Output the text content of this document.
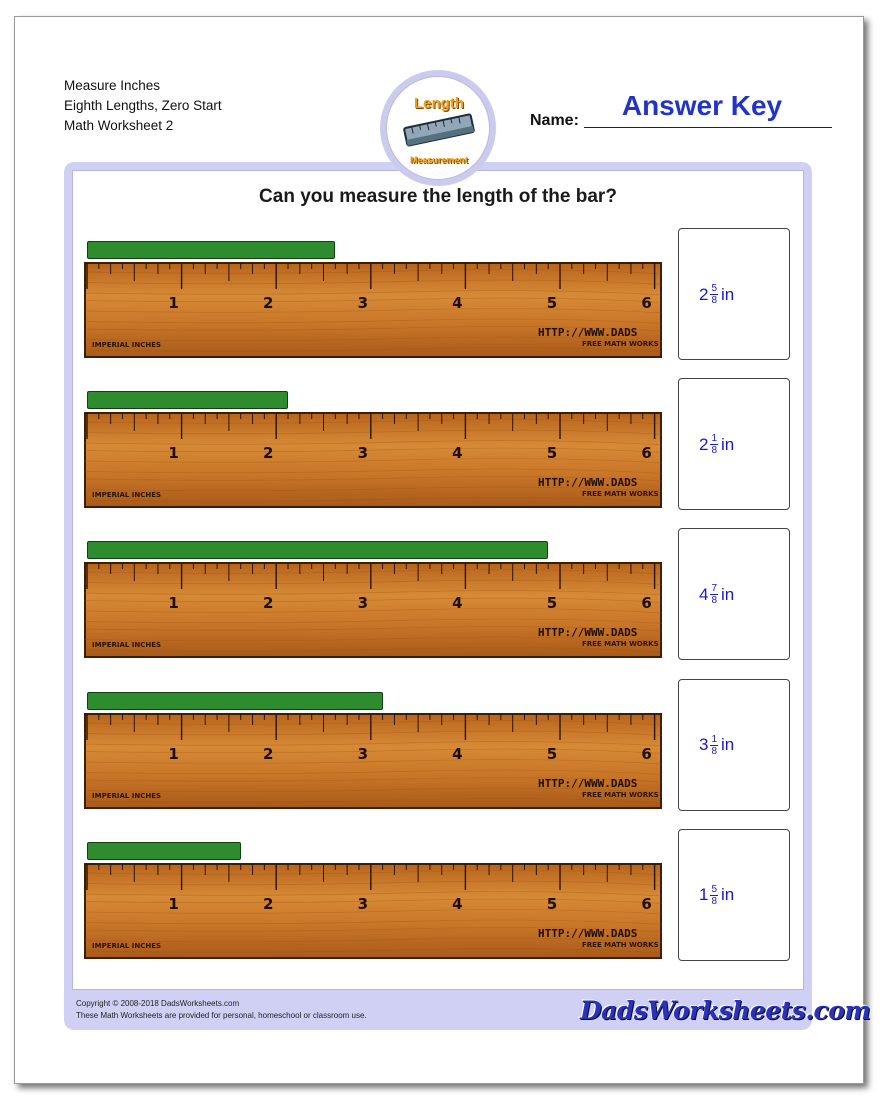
Measure Inches
Eighth Lengths, Zero Start
Math Worksheet 2
Length
Measurement
Name:	Answer Key
Can you measure the length of the bar?
1	2	3	4	5	6
IMPERIAL INCHES
HTTP://WWW.DADS
FREE MATH WORKS
$2 \frac{5}{8}$ in
1	2	3	4	5	6
IMPERIAL INCHES
HTTP://WWW.DADS
FREE MATH WORKS
$2 \frac{1}{8}$ in
1	2	3	4	5	6
IMPERIAL INCHES
HTTP://WWW.DADS
FREE MATH WORKS
$4 \frac{7}{8}$ in
1	2	3	4	5	6
IMPERIAL INCHES
HTTP://WWW.DADS
FREE MATH WORKS
$3 \frac{1}{8}$ in
1	2	3	4	5	6
IMPERIAL INCHES
HTTP://WWW.DADS
FREE MATH WORKS
$1 \frac{5}{8}$ in
Copyright © 2008-2018 DadsWorksheets.com
These Math Worksheets are provided for personal, homeschool or classroom use.	DadsWorksheets.com
